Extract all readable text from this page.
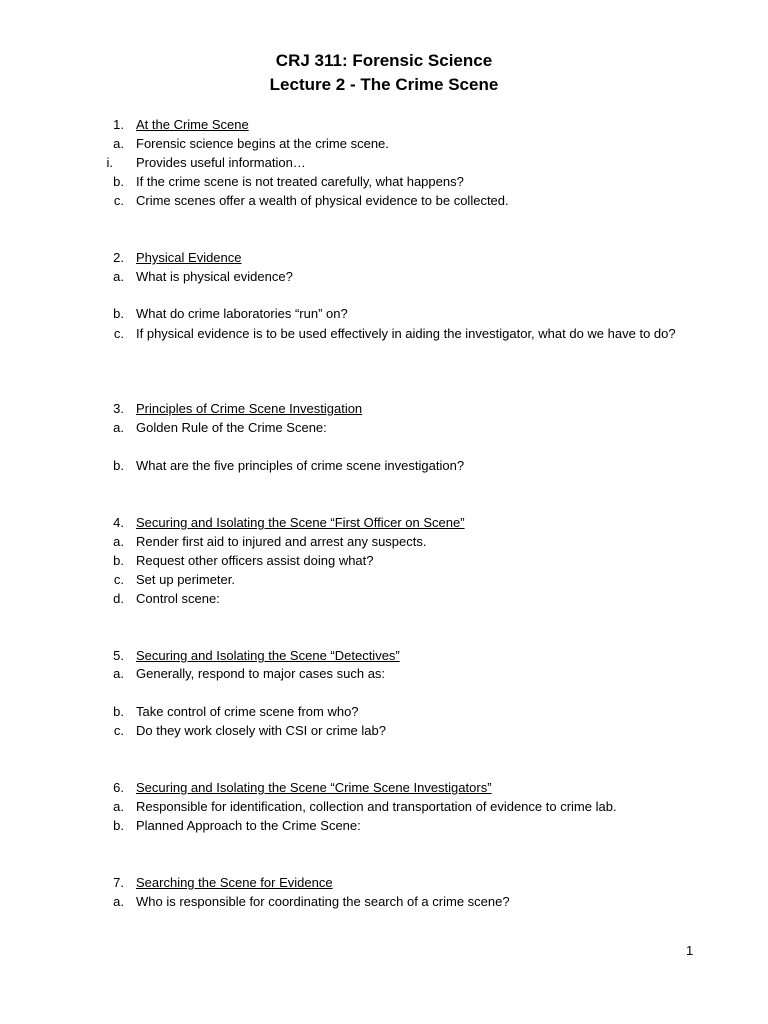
CRJ 311: Forensic Science
Lecture 2 - The Crime Scene
1. At the Crime Scene
a. Forensic science begins at the crime scene.
i. Provides useful information…
b. If the crime scene is not treated carefully, what happens?
c. Crime scenes offer a wealth of physical evidence to be collected.
2. Physical Evidence
a. What is physical evidence?
b. What do crime laboratories “run” on?
c. If physical evidence is to be used effectively in aiding the investigator, what do we have to do?
3. Principles of Crime Scene Investigation
a. Golden Rule of the Crime Scene:
b. What are the five principles of crime scene investigation?
4. Securing and Isolating the Scene “First Officer on Scene”
a. Render first aid to injured and arrest any suspects.
b. Request other officers assist doing what?
c. Set up perimeter.
d. Control scene:
5. Securing and Isolating the Scene “Detectives”
a. Generally, respond to major cases such as:
b. Take control of crime scene from who?
c. Do they work closely with CSI or crime lab?
6. Securing and Isolating the Scene “Crime Scene Investigators”
a. Responsible for identification, collection and transportation of evidence to crime lab.
b. Planned Approach to the Crime Scene:
7. Searching the Scene for Evidence
a. Who is responsible for coordinating the search of a crime scene?
1
